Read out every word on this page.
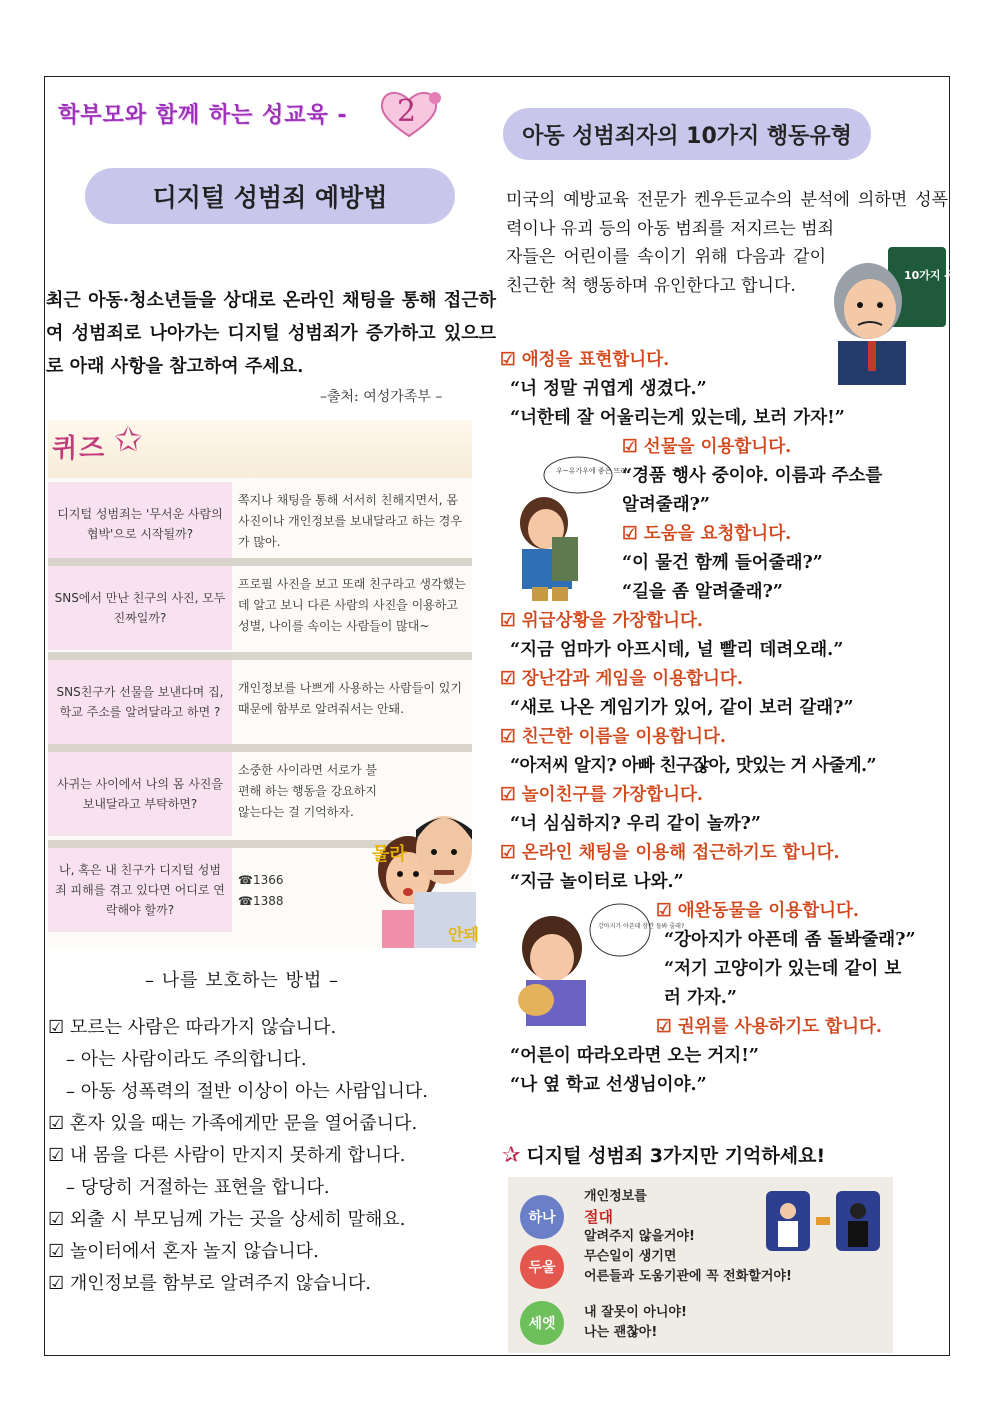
학부모와 함께 하는 성교육 - 2
디지털 성범죄 예방법
최근 아동·청소년들을 상대로 온라인 채팅을 통해 접근하여 성범죄로 나아가는 디지털 성범죄가 증가하고 있으므로 아래 사항을 참고하여 주세요.
–출처: 여성가족부 –
퀴즈 ✩
디지털 성범죄는 '무서운 사람의 협박'으로 시작될까?
쪽지나 채팅을 통해 서서히 친해지면서, 몸 사진이나 개인정보를 보내달라고 하는 경우가 많아.
SNS에서 만난 친구의 사진, 모두 진짜일까?
프로필 사진을 보고 또래 친구라고 생각했는데 알고 보니 다른 사람의 사진을 이용하고 성별, 나이를 속이는 사람들이 많대~
SNS친구가 선물을 보낸다며 집,학교 주소를 알려달라고 하면 ?
개인정보를 나쁘게 사용하는 사람들이 있기 때문에 함부로 알려줘서는 안돼.
사귀는 사이에서 나의 몸 사진을 보내달라고 부탁하면?
소중한 사이라면 서로가 불편해 하는 행동을 강요하지 않는다는 걸 기억하자.
나, 혹은 내 친구가 디지털 성범죄 피해를 겪고 있다면 어디로 연락해야 할까?
☎1366 ☎1388
몰라
안돼
– 나를 보호하는 방법 –
☑ 모르는 사람은 따라가지 않습니다.
– 아는 사람이라도 주의합니다.
– 아동 성폭력의 절반 이상이 아는 사람입니다.
☑ 혼자 있을 때는 가족에게만 문을 열어줍니다.
☑ 내 몸을 다른 사람이 만지지 못하게 합니다.
– 당당히 거절하는 표현을 합니다.
☑ 외출 시 부모님께 가는 곳을 상세히 말해요.
☑ 놀이터에서 혼자 놀지 않습니다.
☑ 개인정보를 함부로 알려주지 않습니다.
아동 성범죄자의 10가지 행동유형
미국의 예방교육 전문가 켄우든교수의 분석에 의하면 성폭력이나 유괴 등의 아동 범죄를 저지르는 범죄
자들은 어린이를 속이기 위해 다음과 같이 친근한 척 행동하며 유인한다고 합니다.
10가지 유형
☑ 애정을 표현합니다.
“너 정말 귀엽게 생겼다.”
“너한테 잘 어울리는게 있는데, 보러 가자!”
우~유가우에 좋은 뜨라
☑ 선물을 이용합니다.
“경품 행사 중이야. 이름과 주소를
알려줄래?”
☑ 도움을 요청합니다.
“이 물건 함께 들어줄래?”
“길을 좀 알려줄래?”
☑ 위급상황을 가장합니다.
“지금 엄마가 아프시데, 널 빨리 데려오래.”
☑ 장난감과 게임을 이용합니다.
“새로 나온 게임기가 있어, 같이 보러 갈래?”
☑ 친근한 이름을 이용합니다.
“아저씨 알지? 아빠 친구잖아, 맛있는 거 사줄게.”
☑ 놀이친구를 가장합니다.
“너 심심하지? 우리 같이 놀까?”
☑ 온라인 채팅을 이용해 접근하기도 합니다.
“지금 놀이터로 나와.”
강아지가 아픈데 잠깐 돌봐 줄래?
☑ 애완동물을 이용합니다.
“강아지가 아픈데 좀 돌봐줄래?”
“저기 고양이가 있는데 같이 보
러 가자.”
☑ 권위를 사용하기도 합니다.
“어른이 따라오라면 오는 거지!”
“나 옆 학교 선생님이야.”
✰ 디지털 성범죄 3가지만 기억하세요!
하나
개인정보를
절대
알려주지 않을거야!
두울
무슨일이 생기면
어른들과 도움기관에 꼭 전화할거야!
세엣
내 잘못이 아니야!
나는 괜찮아!
